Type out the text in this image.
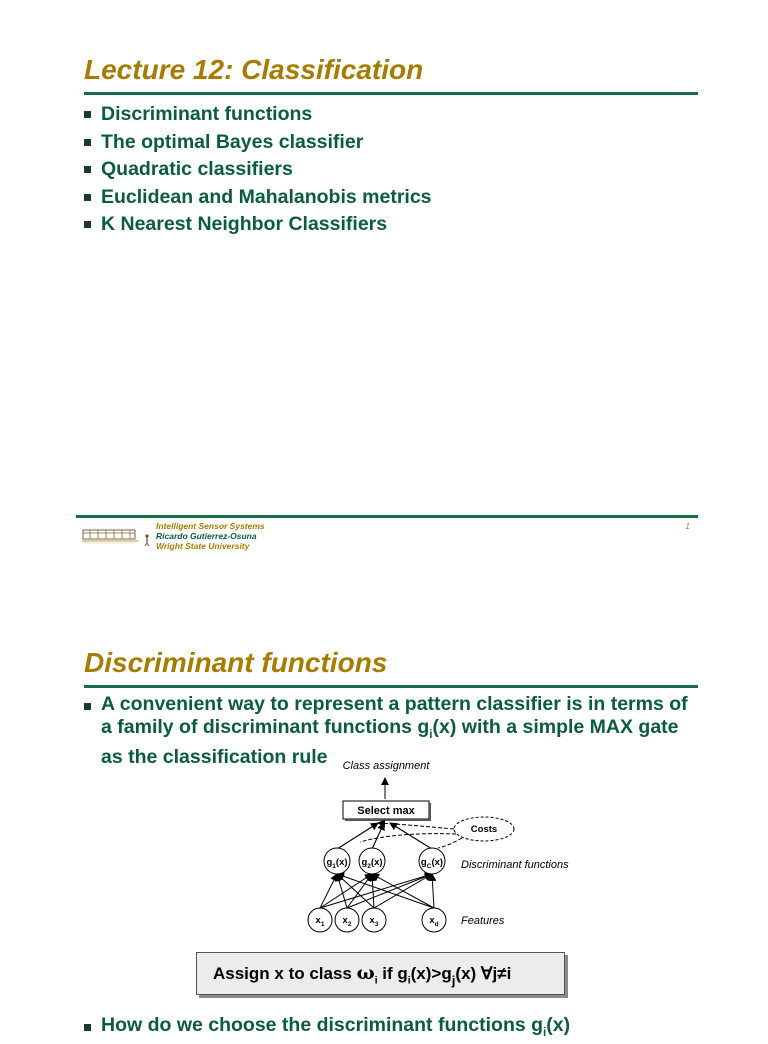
Lecture 12: Classification
Discriminant functions
The optimal Bayes classifier
Quadratic classifiers
Euclidean and Mahalanobis metrics
K Nearest Neighbor Classifiers

Intelligent Sensor Systems
Ricardo Gutierrez-Osuna
Wright State University

1
Discriminant functions
A convenient way to represent a pattern classifier is in terms of
a family of discriminant functions $g_i(x)$ with a simple MAX gate
as the classification rule	Class assignment
Select max
Costs
$g_1(x)$ $g_2(x)$	$g_C(x)$ Discriminant functions
$x_1$ $x_2$ $x_3$	$x_d$ Features

Assign x to class $\omega_i$ if $g_i(x)>g_j(x)$ ∀j≠i

How do we choose the discriminant functions $g_i(x)$
